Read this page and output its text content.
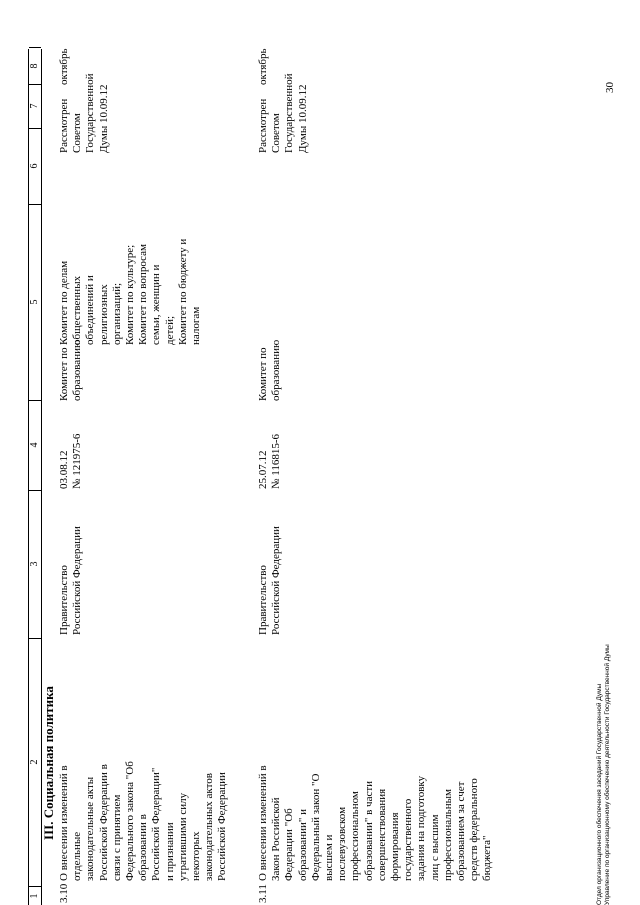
1
2
3
4
5
6
7
8
III. Социальная политика
3.10
О внесении изменений в
отдельные
законодательные акты
Российской Федерации в
связи с принятием
Федерального закона "Об
образовании в
Российской Федерации"
и признании
утратившими силу
некоторых
законодательных актов
Российской Федерации
Правительство
Российской Федерации
03.08.12
№ 121975-6
Комитет по
образованию
Комитет по делам
общественных
объединений и
религиозных
организаций;
Комитет по культуре;
Комитет по вопросам
семьи, женщин и
детей;
Комитет по бюджету и
налогам
Рассмотрен
Советом
Государственной
Думы 10.09.12
октябрь
3.11
О внесении изменений в
Закон Российской
Федерации "Об
образовании" и
Федеральный закон "О
высшем и
послевузовском
профессиональном
образовании" в части
совершенствования
формирования
государственного
задания на подготовку
лиц с высшим
профессиональным
образованием за счет
средств федерального
бюджета"
Правительство
Российской Федерации
25.07.12
№ 116815-6
Комитет по
образованию
Рассмотрен
Советом
Государственной
Думы 10.09.12
октябрь
Отдел организационного обеспечения заседаний Государственной Думы Управление по организационному обеспечению деятельности Государственной Думы
30
